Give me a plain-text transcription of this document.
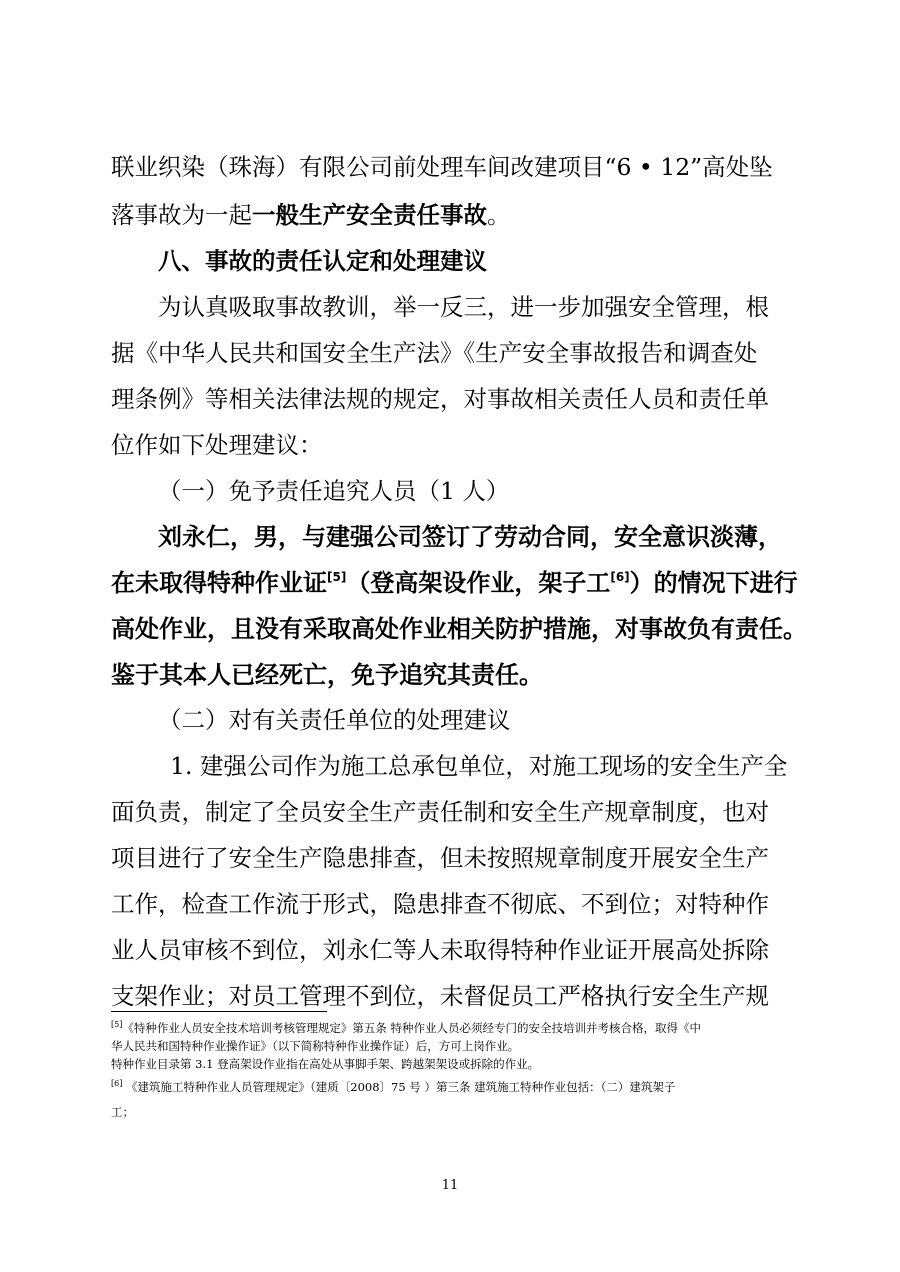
联业织染（珠海）有限公司前处理车间改建项目“6 • 12”高处坠

落事故为一起一般生产安全责任事故。

八、事故的责任认定和处理建议

为认真吸取事故教训，举一反三，进一步加强安全管理，根

据《中华人民共和国安全生产法》《生产安全事故报告和调查处

理条例》等相关法律法规的规定，对事故相关责任人员和责任单

位作如下处理建议：

（一）免予责任追究人员（1 人）

刘永仁，男，与建强公司签订了劳动合同，安全意识淡薄，

在未取得特种作业证[5]（登高架设作业，架子工[6]）的情况下进行

高处作业，且没有采取高处作业相关防护措施，对事故负有责任。

鉴于其本人已经死亡，免予追究其责任。

（二）对有关责任单位的处理建议

1. 建强公司作为施工总承包单位，对施工现场的安全生产全

面负责，制定了全员安全生产责任制和安全生产规章制度，也对

项目进行了安全生产隐患排查，但未按照规章制度开展安全生产

工作，检查工作流于形式，隐患排查不彻底、不到位；对特种作

业人员审核不到位，刘永仁等人未取得特种作业证开展高处拆除

支架作业；对员工管理不到位，未督促员工严格执行安全生产规

[5]《特种作业人员安全技术培训考核管理规定》第五条 特种作业人员必须经专门的安全技培训并考核合格，取得《中

华人民共和国特种作业操作证》（以下简称特种作业操作证）后，方可上岗作业。

特种作业目录第 3.1 登高架设作业指在高处从事脚手架、跨越架架设或拆除的作业。

[6] 《建筑施工特种作业人员管理规定》（建质〔2008〕75 号 ）第三条 建筑施工特种作业包括：（二）建筑架子

工；

11
